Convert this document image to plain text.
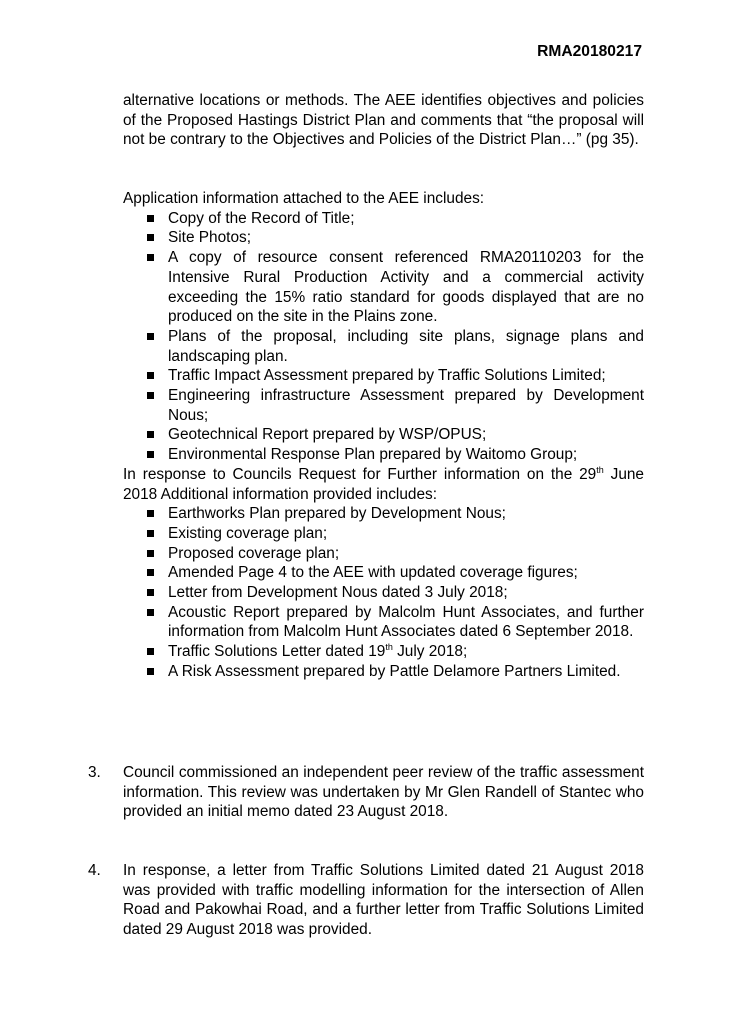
RMA20180217
alternative locations or methods. The AEE identifies objectives and policies of the Proposed Hastings District Plan and comments that “the proposal will not be contrary to the Objectives and Policies of the District Plan…” (pg 35).
Application information attached to the AEE includes:
Copy of the Record of Title;
Site Photos;
A copy of resource consent referenced RMA20110203 for the Intensive Rural Production Activity and a commercial activity exceeding the 15% ratio standard for goods displayed that are no produced on the site in the Plains zone.
Plans of the proposal, including site plans, signage plans and landscaping plan.
Traffic Impact Assessment prepared by Traffic Solutions Limited;
Engineering infrastructure Assessment prepared by Development Nous;
Geotechnical Report prepared by WSP/OPUS;
Environmental Response Plan prepared by Waitomo Group;
In response to Councils Request for Further information on the 29th June 2018 Additional information provided includes:
Earthworks Plan prepared by Development Nous;
Existing coverage plan;
Proposed coverage plan;
Amended Page 4 to the AEE with updated coverage figures;
Letter from Development Nous dated 3 July 2018;
Acoustic Report prepared by Malcolm Hunt Associates, and further information from Malcolm Hunt Associates dated 6 September 2018.
Traffic Solutions Letter dated 19th July 2018;
A Risk Assessment prepared by Pattle Delamore Partners Limited.
3. Council commissioned an independent peer review of the traffic assessment information. This review was undertaken by Mr Glen Randell of Stantec who provided an initial memo dated 23 August 2018.
4. In response, a letter from Traffic Solutions Limited dated 21 August 2018 was provided with traffic modelling information for the intersection of Allen Road and Pakowhai Road, and a further letter from Traffic Solutions Limited dated 29 August 2018 was provided.
